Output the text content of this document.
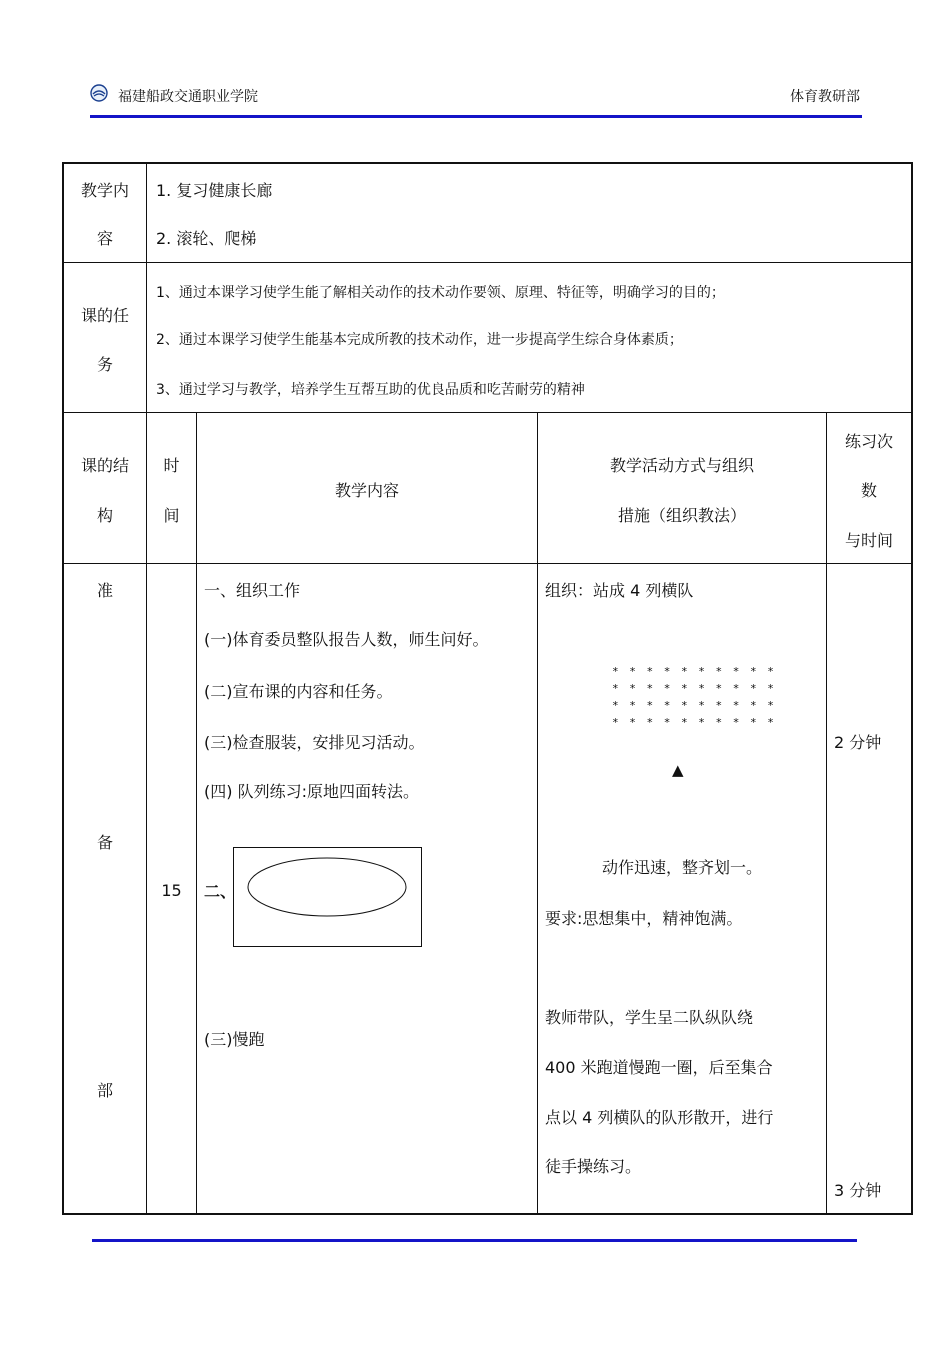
福建船政交通职业学院	体育教研部
教学内
容
1. 复习健康长廊
2. 滚轮、爬梯
课的任
务
1、通过本课学习使学生能了解相关动作的技术动作要领、原理、特征等，明确学习的目的；
2、通过本课学习使学生能基本完成所教的技术动作，进一步提高学生综合身体素质；
3、通过学习与教学，培养学生互帮互助的优良品质和吃苦耐劳的精神
课的结
构
时
间
教学内容
教学活动方式与组织
措施（组织教法）
练习次
数
与时间
准
备
部
15
一、组织工作
(一)体育委员整队报告人数，师生问好。
(二)宣布课的内容和任务。
(三)检查服装，安排见习活动。
(四) 队列练习:原地四面转法。
二、
(三)慢跑
组织：站成 4 列横队
* * * * * * * * * *
* * * * * * * * * *
* * * * * * * * * *
* * * * * * * * * *
▲
动作迅速，整齐划一。
要求:思想集中，精神饱满。
教师带队，学生呈二队纵队绕
400 米跑道慢跑一圈，后至集合
点以 4 列横队的队形散开，进行
徒手操练习。
2 分钟
3 分钟
